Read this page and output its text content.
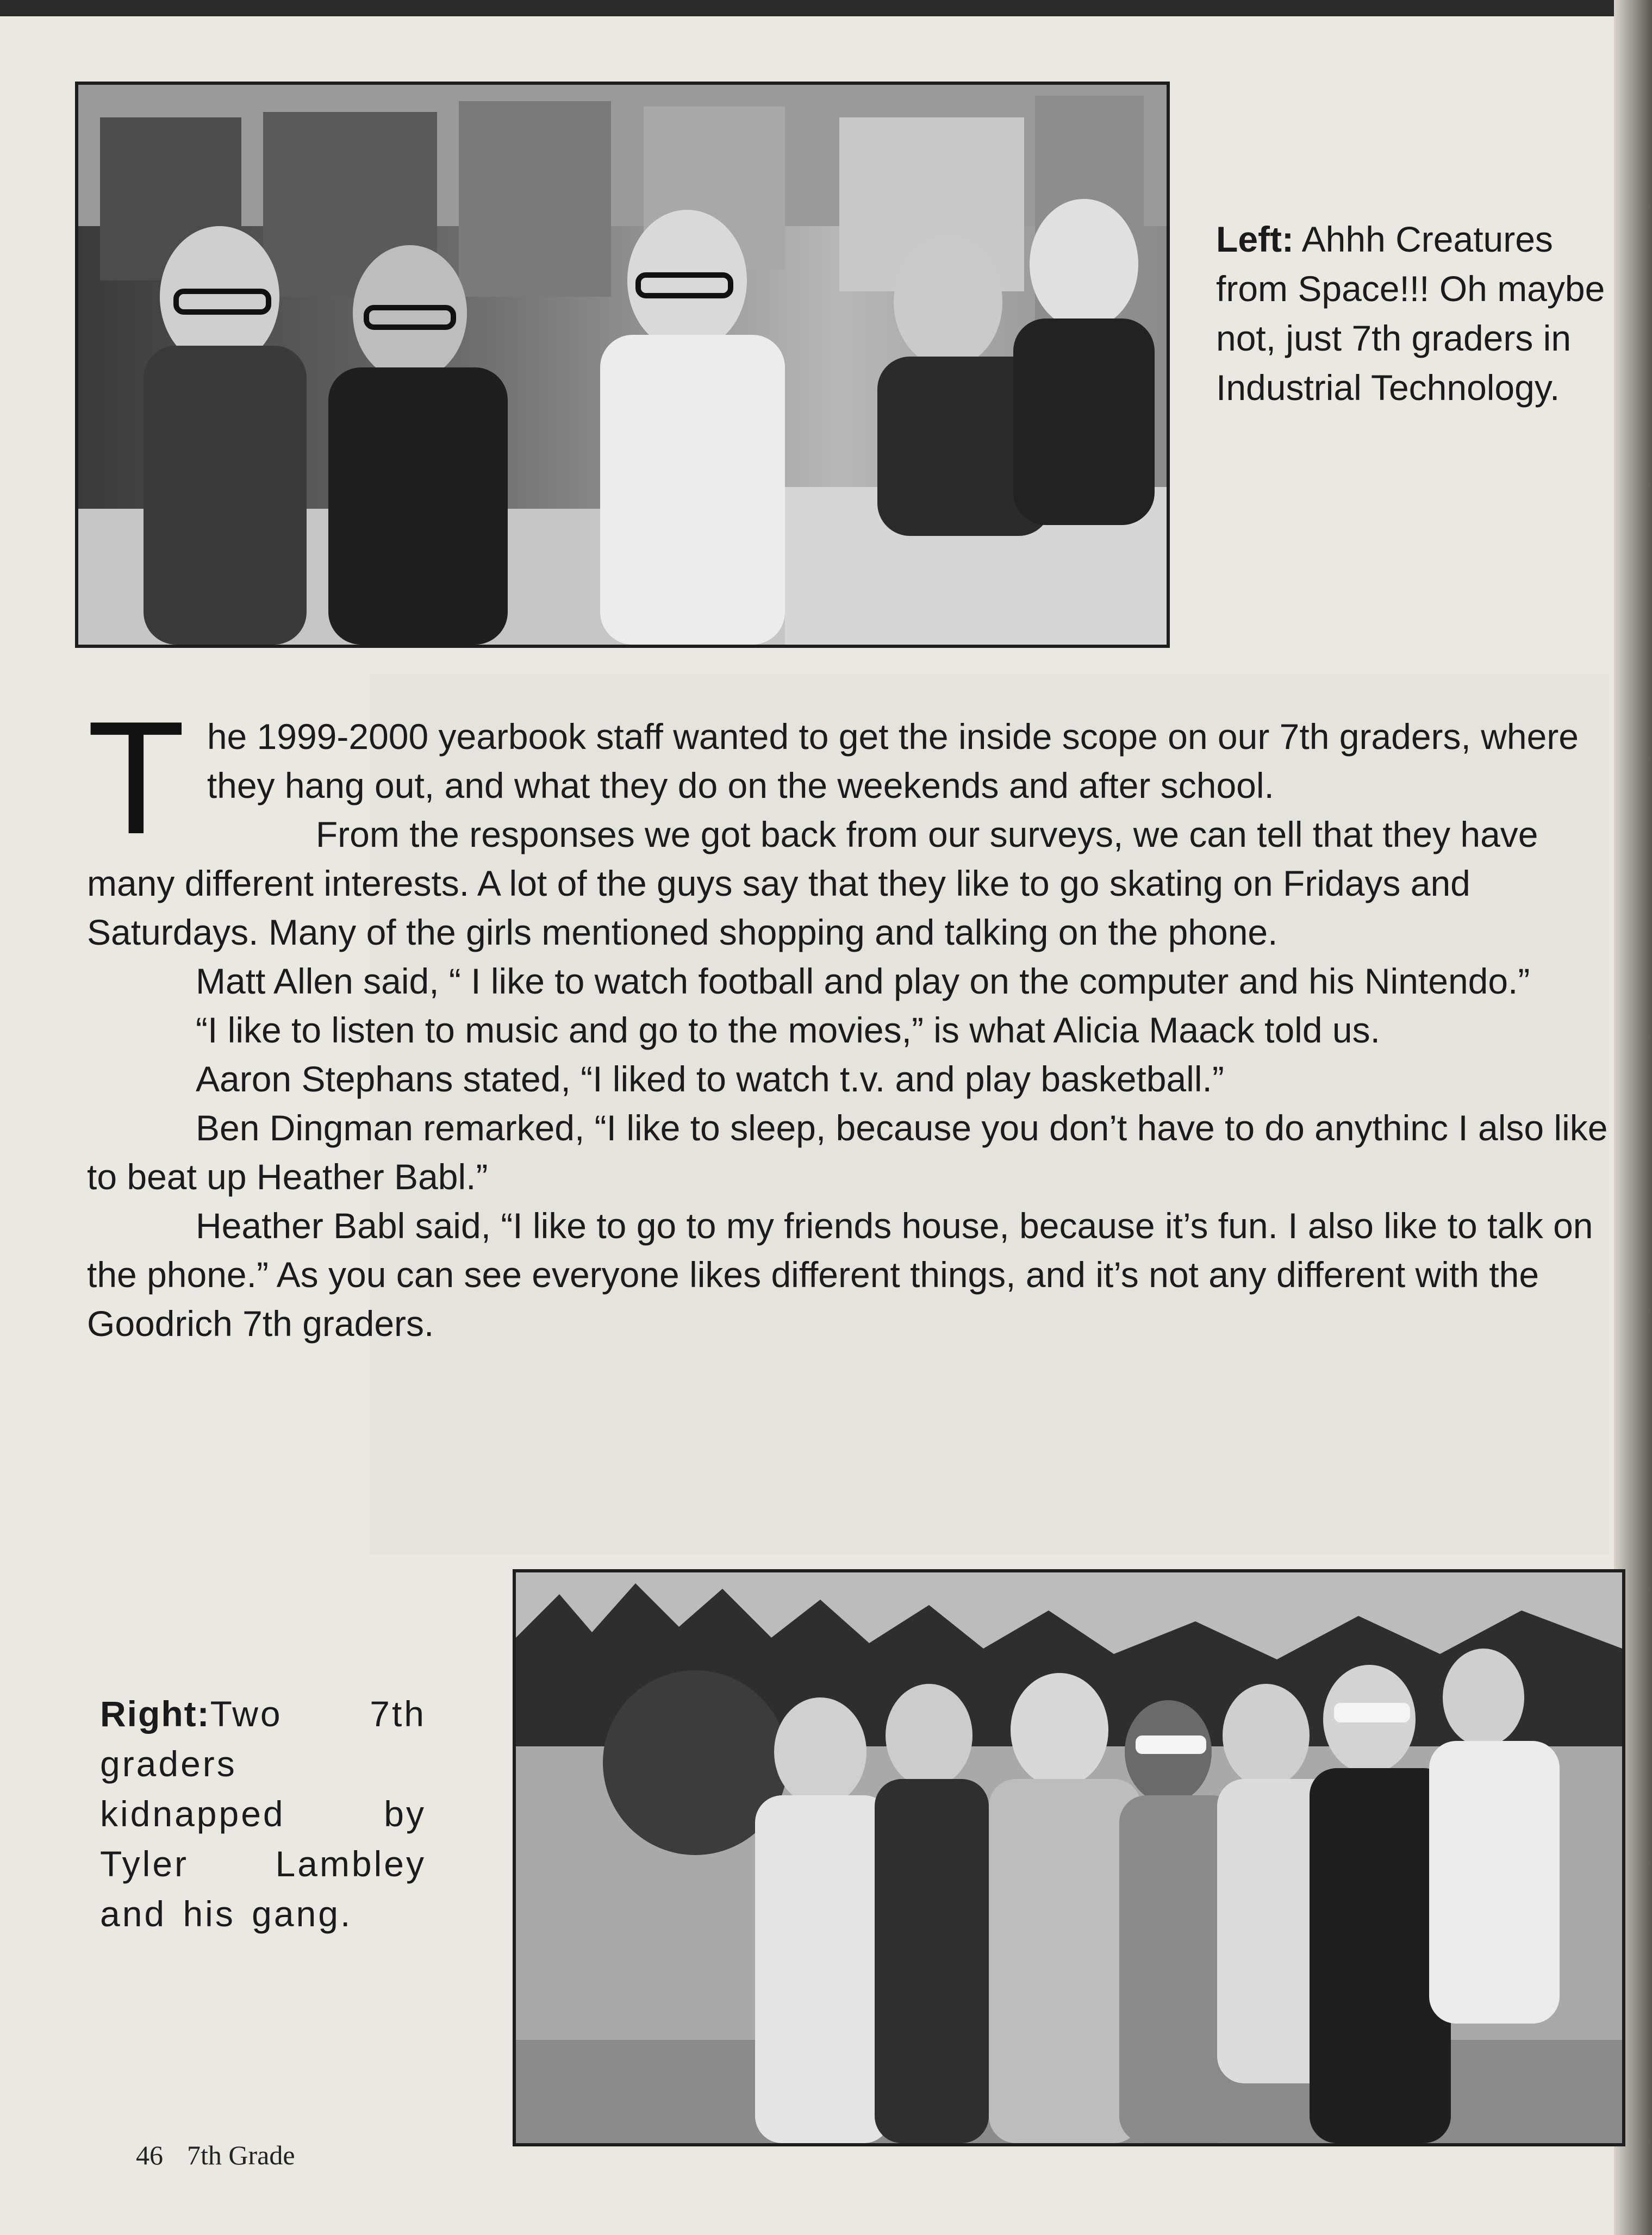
Left: Ahhh Creatures from Space!!! Oh maybe not, just 7th graders in Industrial Technology.
T he 1999-2000 yearbook staff wanted to get the inside scope on our 7th graders, where they hang out, and what they do on the weekends and after school.

From the responses we got back from our surveys, we can tell that they have many different interests. A lot of the guys say that they like to go skating on Fridays and Saturdays. Many of the girls mentioned shopping and talking on the phone.

Matt Allen said, “ I like to watch football and play on the computer and his Nintendo.”

“I like to listen to music and go to the movies,” is what Alicia Maack told us.

Aaron Stephans stated, “I liked to watch t.v. and play basketball.”

Ben Dingman remarked, “I like to sleep, because you don’t have to do anythinc I also like to beat up Heather Babl.”

Heather Babl said, “I like to go to my friends house, because it’s fun. I also like to talk on the phone.” As you can see everyone likes different things, and it’s not any different with the Goodrich 7th graders.

Right:Two 7th graders kidnapped by Tyler Lambley and his gang.
46 7th Grade
